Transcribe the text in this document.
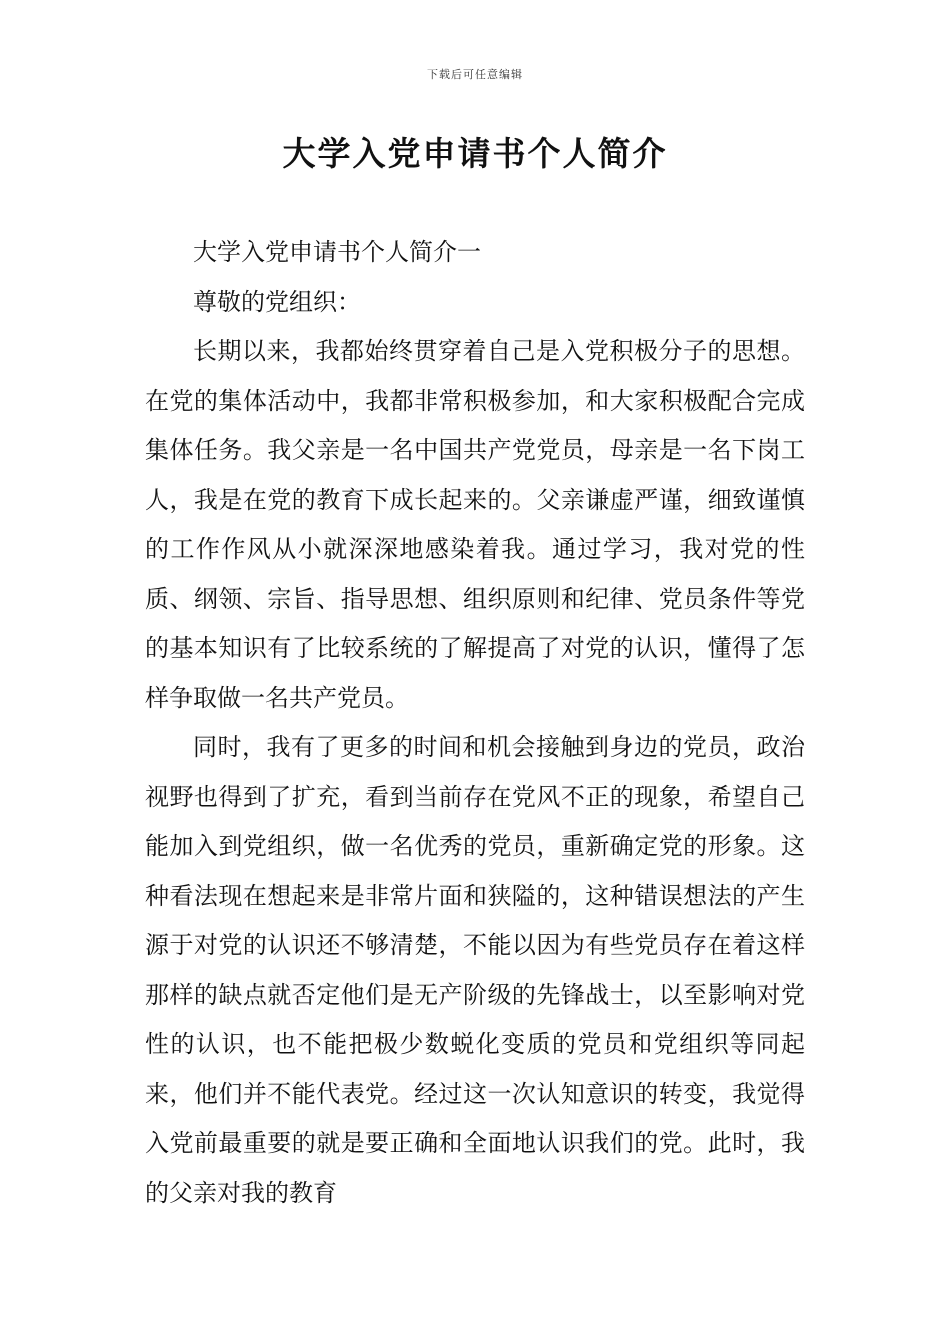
下载后可任意编辑
大学入党申请书个人简介

大学入党申请书个人简介一

尊敬的党组织：

长期以来，我都始终贯穿着自己是入党积极分子的思想。在党的集体活动中，我都非常积极参加，和大家积极配合完成集体任务。我父亲是一名中国共产党党员，母亲是一名下岗工人，我是在党的教育下成长起来的。父亲谦虚严谨，细致谨慎的工作作风从小就深深地感染着我。通过学习，我对党的性质、纲领、宗旨、指导思想、组织原则和纪律、党员条件等党的基本知识有了比较系统的了解提高了对党的认识，懂得了怎样争取做一名共产党员。

同时，我有了更多的时间和机会接触到身边的党员，政治视野也得到了扩充，看到当前存在党风不正的现象，希望自己能加入到党组织，做一名优秀的党员，重新确定党的形象。这种看法现在想起来是非常片面和狭隘的，这种错误想法的产生源于对党的认识还不够清楚，不能以因为有些党员存在着这样那样的缺点就否定他们是无产阶级的先锋战士，以至影响对党性的认识，也不能把极少数蜕化变质的党员和党组织等同起来，他们并不能代表党。经过这一次认知意识的转变，我觉得入党前最重要的就是要正确和全面地认识我们的党。此时，我的父亲对我的教育
